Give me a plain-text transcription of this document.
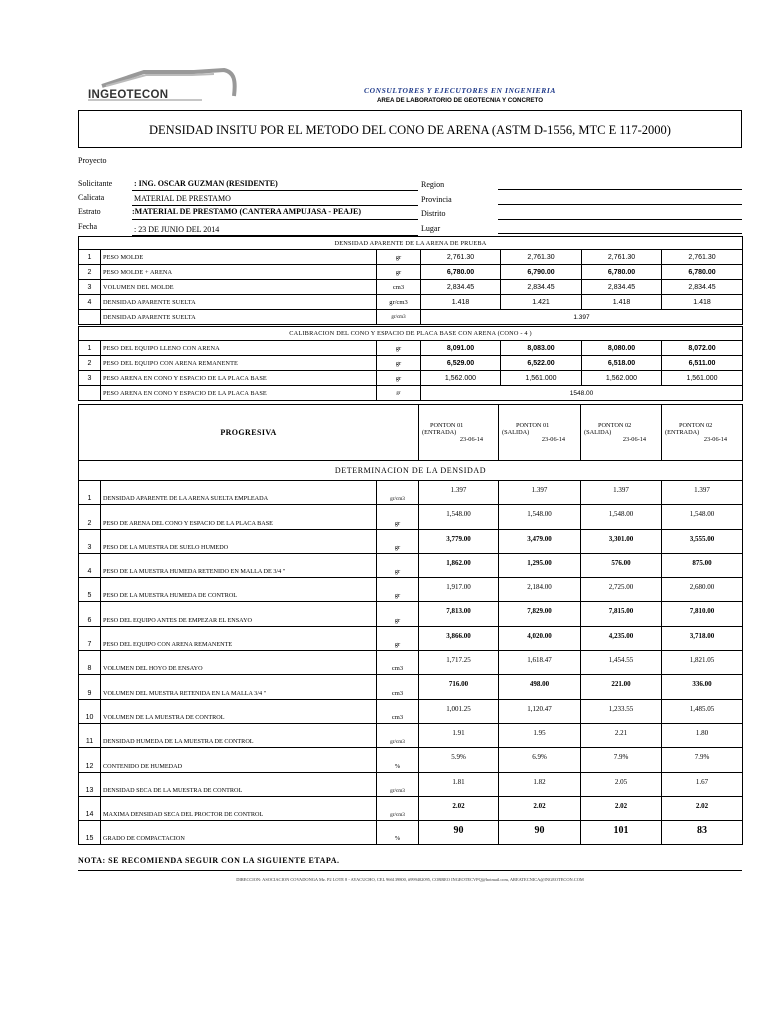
INGEOTECON	CONSULTORES Y EJECUTORES EN INGENIERIA
AREA DE LABORATORIO DE GEOTECNIA Y CONCRETO
DENSIDAD INSITU POR EL METODO DEL CONO DE ARENA (ASTM D-1556, MTC E 117-2000)
Proyecto
Solicitante	: ING. OSCAR GUZMAN (RESIDENTE)
Calicata	MATERIAL DE PRESTAMO
Estrato	:MATERIAL DE PRESTAMO (CANTERA AMPUJASA - PEAJE)
Fecha	: 23 DE JUNIO DEL 2014
Region
Provincia
Distrito
Lugar
DENSIDAD APARENTE DE LA ARENA DE PRUEBA						
1	PESO MOLDE	gr	2,761.30	2,761.30	2,761.30	2,761.30
2	PESO MOLDE + ARENA	gr	6,780.00	6,790.00	6,780.00	6,780.00
3	VOLUMEN DEL MOLDE	cm3	2,834.45	2,834.45	2,834.45	2,834.45
4	DENSIDAD APARENTE SUELTA	gr/cm3	1.418	1.421	1.418	1.418
	DENSIDAD APARENTE SUELTA	gr/cm3	1.397			
CALIBRACION DEL CONO Y ESPACIO DE PLACA BASE CON ARENA (CONO - 4 )						
1	PESO DEL EQUIPO LLENO CON ARENA	gr	8,091.00	8,083.00	8,080.00	8,072.00
2	PESO DEL EQUIPO CON ARENA REMANENTE	gr	6,529.00	6,522.00	6,518.00	6,511.00
3	PESO ARENA EN CONO Y ESPACIO DE LA PLACA BASE	gr	1,562.000	1,561.000	1,562.000	1,561.000
	PESO ARENA EN CONO Y ESPACIO DE LA PLACA BASE	gr	1548.00			
PROGRESIVA			PONTON 01
(ENTRADA)
23-06-14	PONTON 01
(SALIDA)
23-06-14	PONTON 02
(SALIDA)
23-06-14	PONTON 02
(ENTRADA)
23-06-14

DETERMINACION DE LA DENSIDAD						
1	DENSIDAD APARENTE DE LA ARENA SUELTA EMPLEADA	gr/cm3	1.397	1.397	1.397	1.397
2	PESO DE ARENA DEL CONO Y ESPACIO DE LA PLACA BASE	gr	1,548.00	1,548.00	1,548.00	1,548.00
3	PESO DE LA MUESTRA DE SUELO HUMEDO	gr	3,779.00	3,479.00	3,301.00	3,555.00
4	PESO DE LA MUESTRA HUMEDA RETENIDO EN MALLA DE 3/4 "	gr	1,862.00	1,295.00	576.00	875.00
5	PESO DE LA MUESTRA HUMEDA DE CONTROL	gr	1,917.00	2,184.00	2,725.00	2,680.00
6	PESO DEL EQUIPO ANTES DE EMPEZAR EL ENSAYO	gr	7,813.00	7,829.00	7,815.00	7,810.00
7	PESO DEL EQUIPO CON ARENA REMANENTE	gr	3,866.00	4,020.00	4,235.00	3,718.00
8	VOLUMEN DEL HOYO DE ENSAYO	cm3	1,717.25	1,618.47	1,454.55	1,821.05
9	VOLUMEN DEL MUESTRA RETENIDA EN LA MALLA 3/4 "	cm3	716.00	498.00	221.00	336.00
10	VOLUMEN DE LA MUESTRA DE CONTROL	cm3	1,001.25	1,120.47	1,233.55	1,485.05
11	DENSIDAD HUMEDA DE LA MUESTRA DE CONTROL	gr/cm3	1.91	1.95	2.21	1.80
12	CONTENIDO DE HUMEDAD	%	5.9%	6.9%	7.9%	7.9%
13	DENSIDAD SECA DE LA MUESTRA DE CONTROL	gr/cm3	1.81	1.82	2.05	1.67
14	MAXIMA DENSIDAD SECA DEL PROCTOR DE CONTROL	gr/cm3	2.02	2.02	2.02	2.02
15	GRADO DE COMPACTACION	%	90	90	101	83
NOTA: SE RECOMIENDA SEGUIR CON LA SIGUIENTE ETAPA.
DIRECCION: ASOCIACION COVADONGA Mz. P2 LOTE 8 - AYACUCHO, CEL 966139800, #999402095, CORREO INGEOTECVPQ@hotmail.com, AREATECNICA@INGEOTECON.COM
